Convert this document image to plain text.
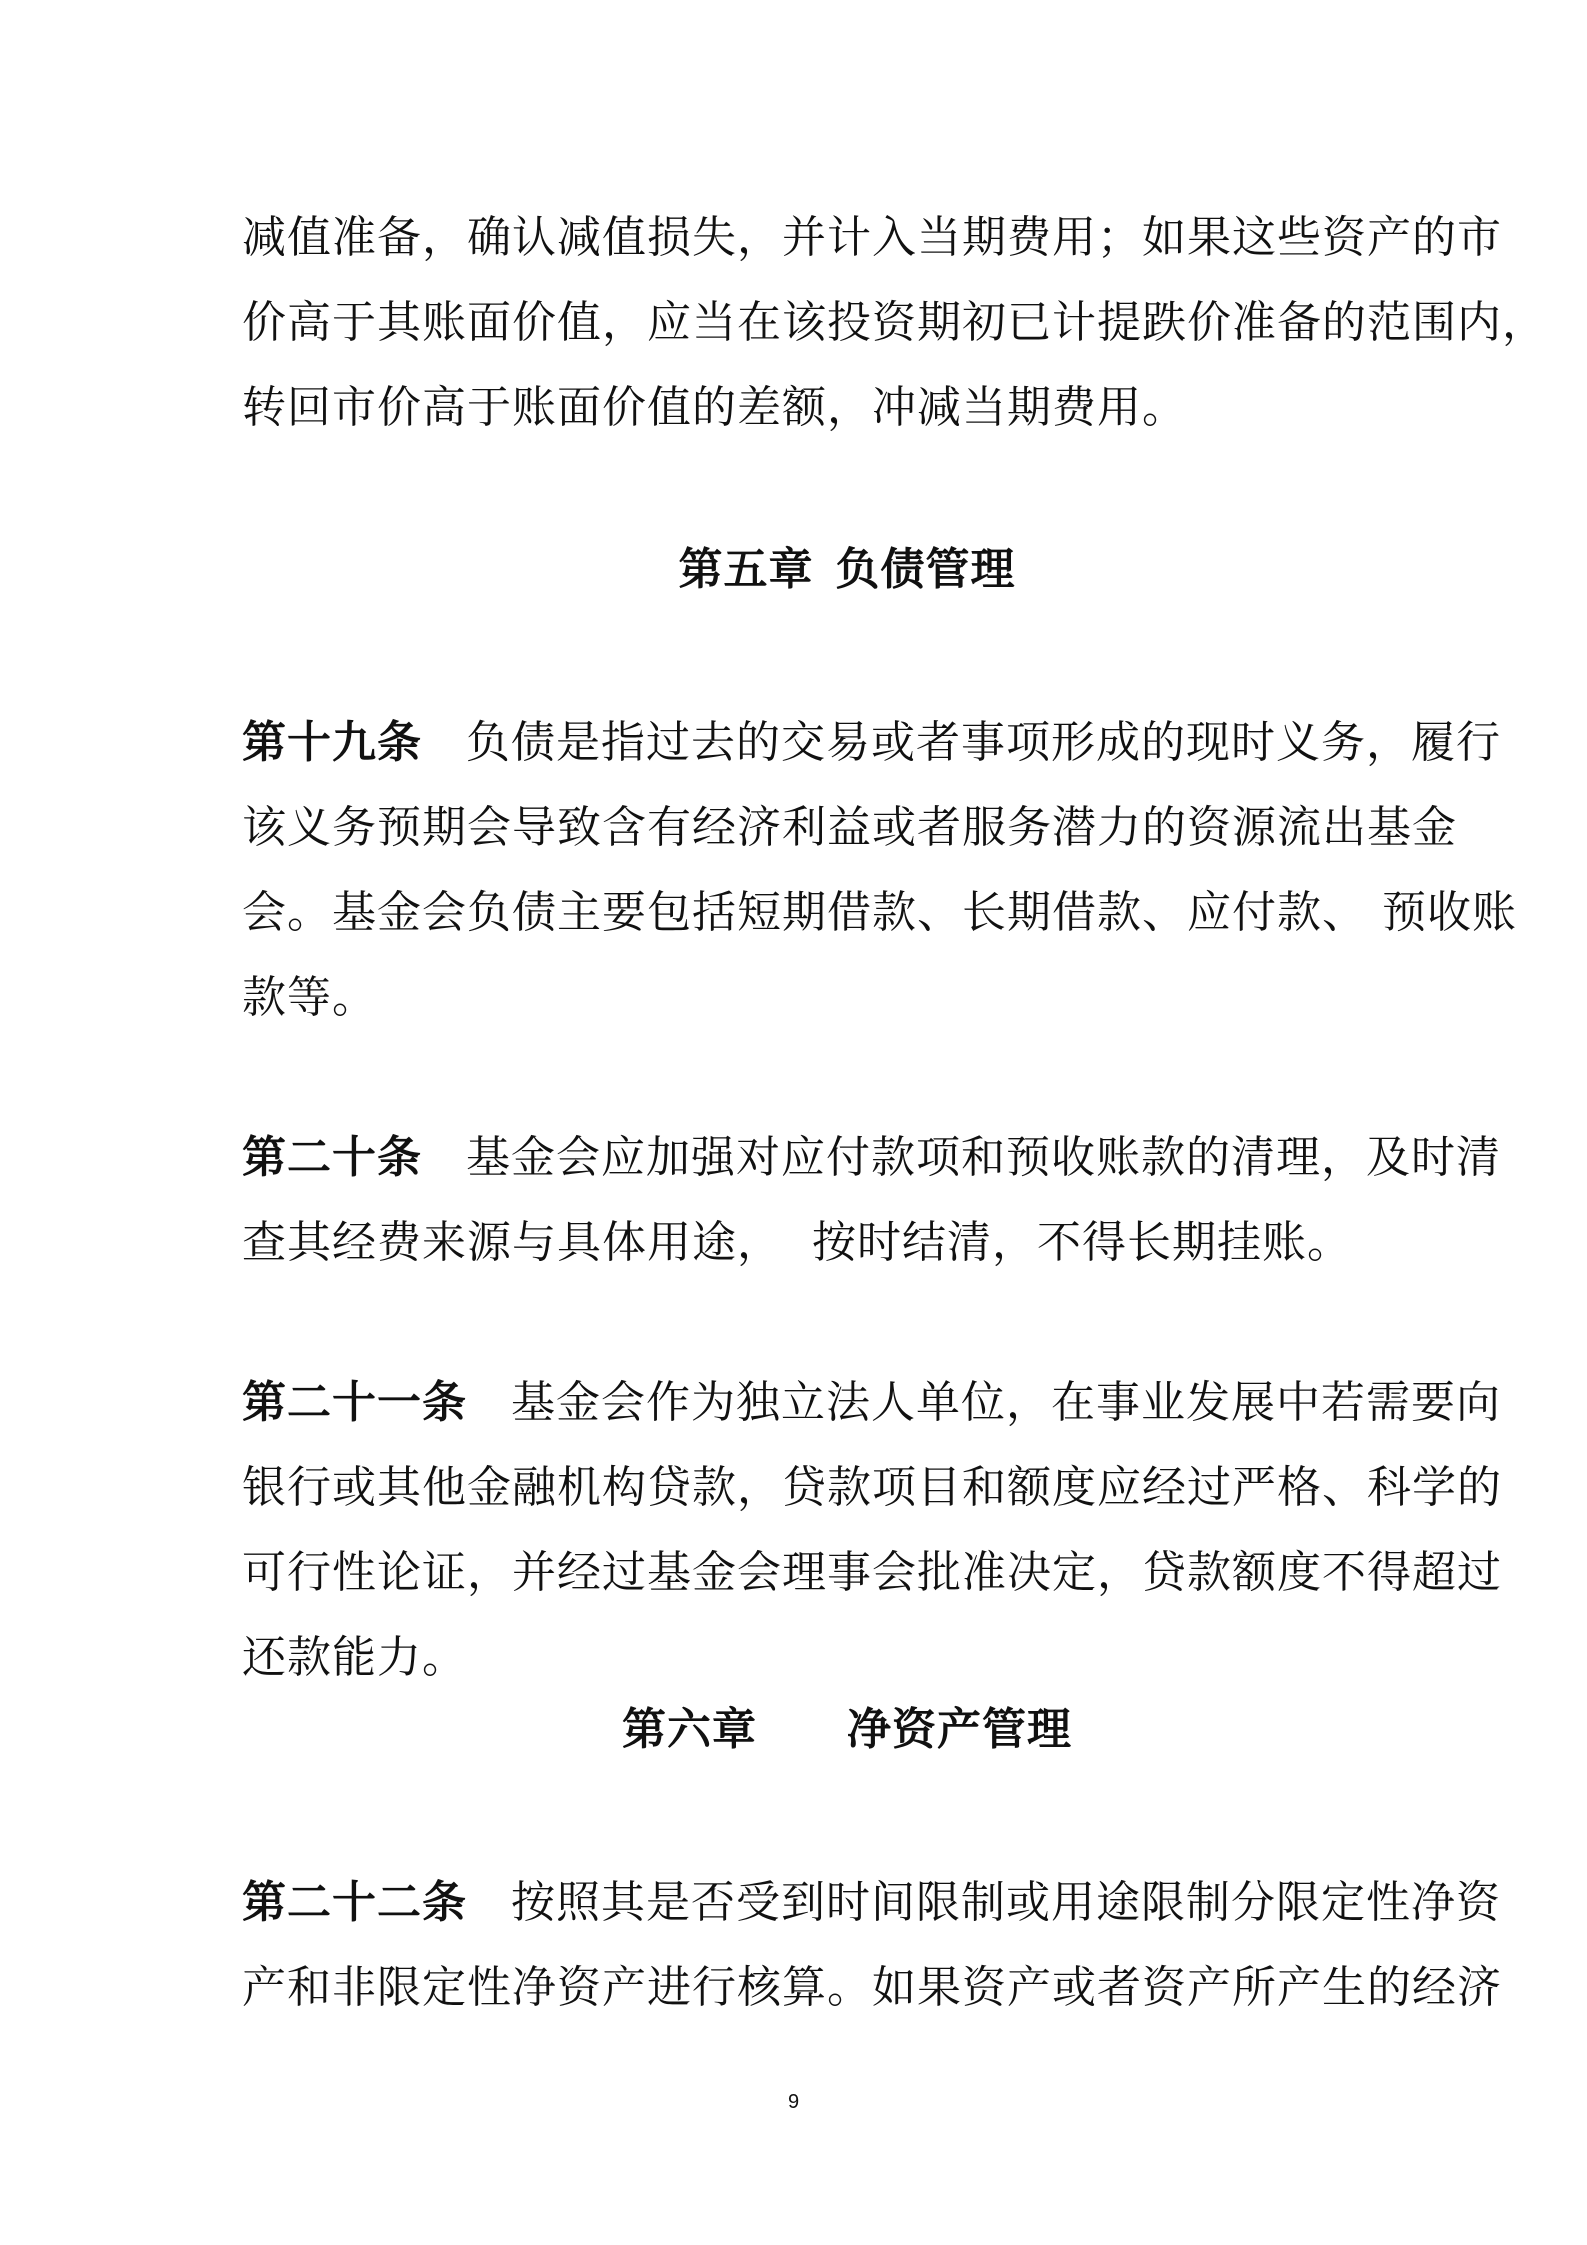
减值准备，确认减值损失，并计入当期费用；如果这些资产的市
价高于其账面价值，应当在该投资期初已计提跌价准备的范围内，
转回市价高于账面价值的差额，冲减当期费用。

第五章 负债管理

第十九条 负债是指过去的交易或者事项形成的现时义务，履行
该义务预期会导致含有经济利益或者服务潜力的资源流出基金
会。基金会负债主要包括短期借款、长期借款、应付款、 预收账
款等。

第二十条 基金会应加强对应付款项和预收账款的清理，及时清
查其经费来源与具体用途，  按时结清，不得长期挂账。

第二十一条 基金会作为独立法人单位，在事业发展中若需要向
银行或其他金融机构贷款，贷款项目和额度应经过严格、科学的
可行性论证，并经过基金会理事会批准决定，贷款额度不得超过
还款能力。

第六章 净资产管理

第二十二条 按照其是否受到时间限制或用途限制分限定性净资
产和非限定性净资产进行核算。如果资产或者资产所产生的经济

9
